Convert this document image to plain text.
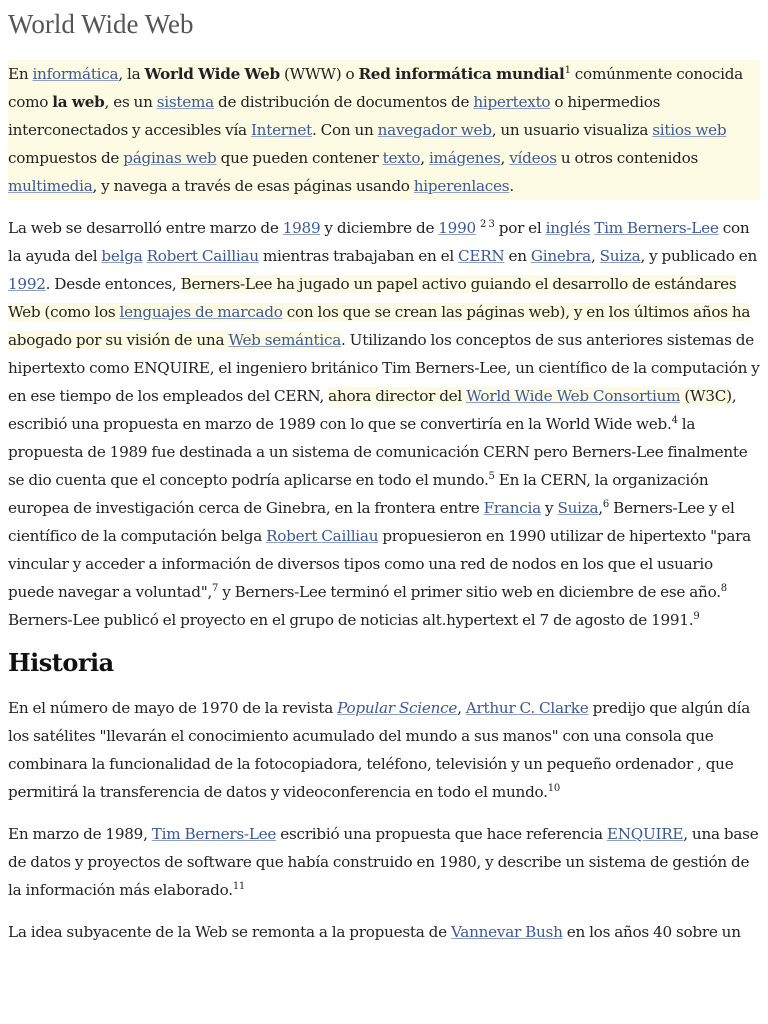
World Wide Web

En informática, la World Wide Web (WWW) o Red informática mundial$^1$ comúnmente conocida como la web, es un sistema de distribución de documentos de hipertexto o hipermedios interconectados y accesibles vía Internet. Con un navegador web, un usuario visualiza sitios web compuestos de páginas web que pueden contener texto, imágenes, vídeos u otros contenidos multimedia, y navega a través de esas páginas usando hiperenlaces.

La web se desarrolló entre marzo de 1989 y diciembre de 1990 $^{2 3}$ por el inglés Tim Berners-Lee con la ayuda del belga Robert Cailliau mientras trabajaban en el CERN en Ginebra, Suiza, y publicado en 1992. Desde entonces, Berners-Lee ha jugado un papel activo guiando el desarrollo de estándares Web (como los lenguajes de marcado con los que se crean las páginas web), y en los últimos años ha abogado por su visión de una Web semántica. Utilizando los conceptos de sus anteriores sistemas de hipertexto como ENQUIRE, el ingeniero británico Tim Berners-Lee, un científico de la computación y en ese tiempo de los empleados del CERN, ahora director del World Wide Web Consortium (W3C), escribió una propuesta en marzo de 1989 con lo que se convertiría en la World Wide web.$^4$ la propuesta de 1989 fue destinada a un sistema de comunicación CERN pero Berners-Lee finalmente se dio cuenta que el concepto podría aplicarse en todo el mundo.$^5$ En la CERN, la organización europea de investigación cerca de Ginebra, en la frontera entre Francia y Suiza,$^6$ Berners-Lee y el científico de la computación belga Robert Cailliau propuesieron en 1990 utilizar de hipertexto "para vincular y acceder a información de diversos tipos como una red de nodos en los que el usuario puede navegar a voluntad",$^7$ y Berners-Lee terminó el primer sitio web en diciembre de ese año.$^8$ Berners-Lee publicó el proyecto en el grupo de noticias alt.hypertext el 7 de agosto de 1991.$^9$

Historia

En el número de mayo de 1970 de la revista Popular Science, Arthur C. Clarke predijo que algún día los satélites "llevarán el conocimiento acumulado del mundo a sus manos" con una consola que combinara la funcionalidad de la fotocopiadora, teléfono, televisión y un pequeño ordenador , que permitirá la transferencia de datos y videoconferencia en todo el mundo.$^{10}$

En marzo de 1989, Tim Berners-Lee escribió una propuesta que hace referencia ENQUIRE, una base de datos y proyectos de software que había construido en 1980, y describe un sistema de gestión de la información más elaborado.$^{11}$

La idea subyacente de la Web se remonta a la propuesta de Vannevar Bush en los años 40 sobre un
